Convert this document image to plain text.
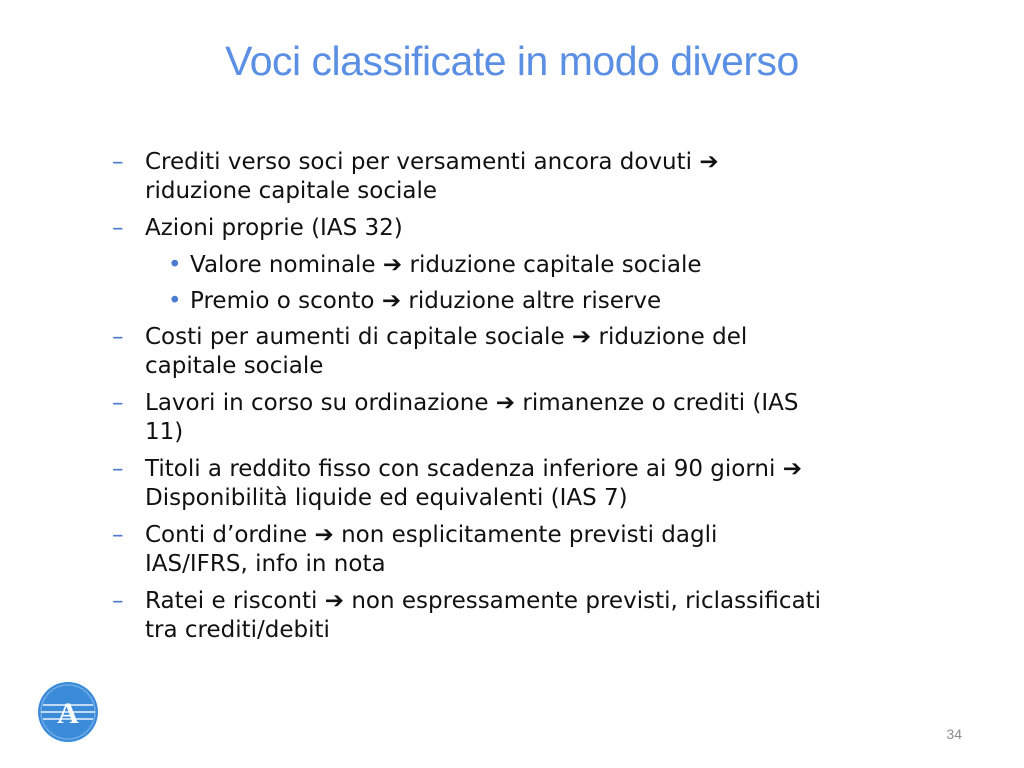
Voci classificate in modo diverso
– Crediti verso soci per versamenti ancora dovuti ➔
riduzione capitale sociale
– Azioni proprie (IAS 32)
• Valore nominale ➔ riduzione capitale sociale
• Premio o sconto ➔ riduzione altre riserve
– Costi per aumenti di capitale sociale ➔ riduzione del
capitale sociale
– Lavori in corso su ordinazione ➔ rimanenze o crediti (IAS
11)
– Titoli a reddito fisso con scadenza inferiore ai 90 giorni ➔
Disponibilità liquide ed equivalenti (IAS 7)
– Conti d’ordine ➔ non esplicitamente previsti dagli
IAS/IFRS, info in nota
– Ratei e risconti ➔ non espressamente previsti, riclassificati
tra crediti/debiti
A
34
